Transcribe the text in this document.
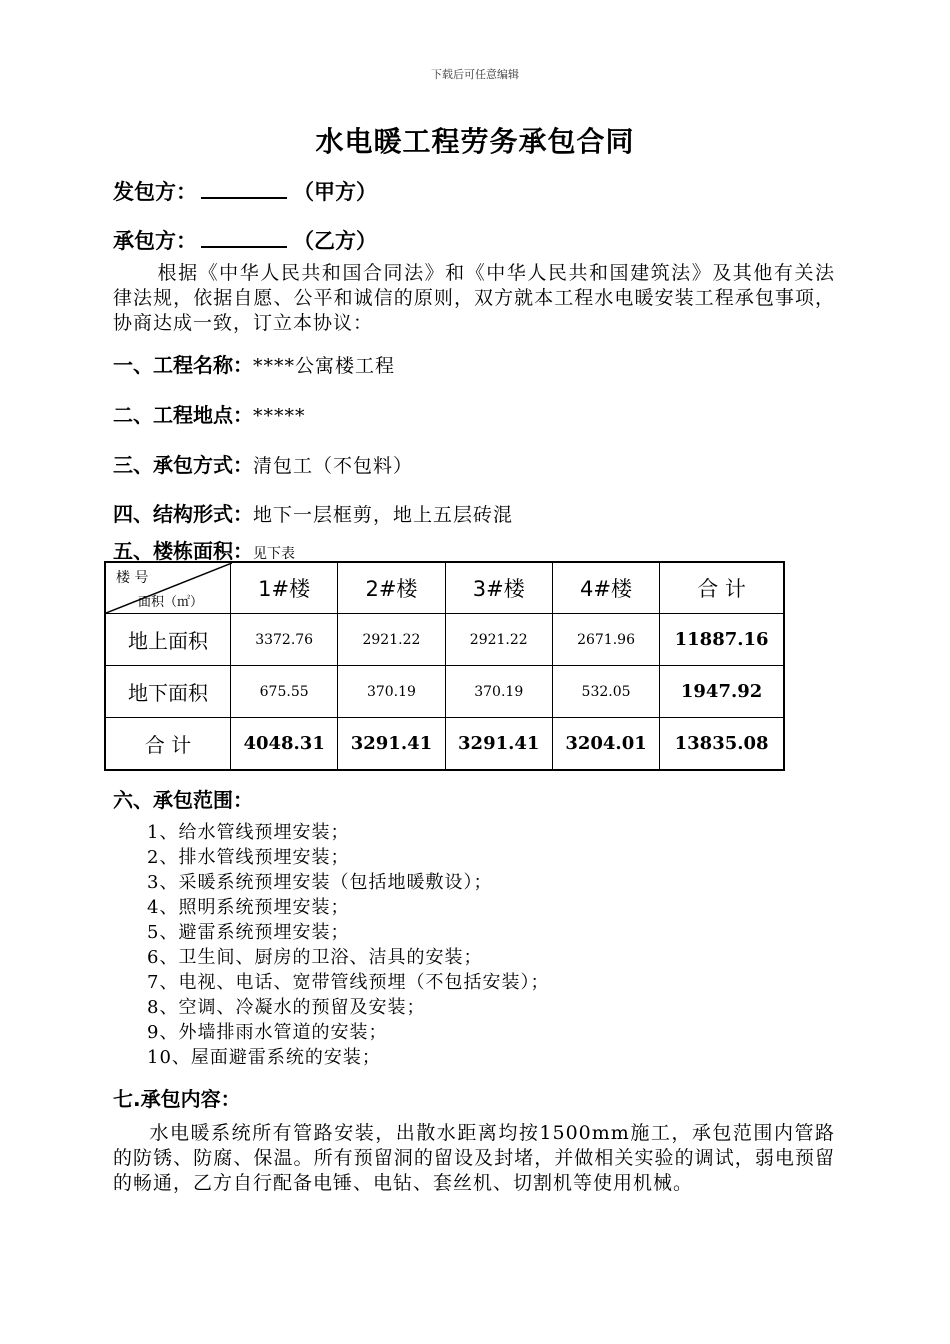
下载后可任意编辑
水电暖工程劳务承包合同
发包方：	（甲方）
承包方：	（乙方）
根据《中华人民共和国合同法》和《中华人民共和国建筑法》及其他有关法律法规，依据自愿、公平和诚信的原则，双方就本工程水电暖安装工程承包事项，协商达成一致，订立本协议：
一、工程名称：****公寓楼工程
二、工程地点：*****
三、承包方式：清包工（不包料）
四、结构形式：地下一层框剪，地上五层砖混
五、楼栋面积：见下表
楼 号
面积（㎡）	1#楼	2#楼	3#楼	4#楼	合 计
地上面积	3372.76	2921.22	2921.22	2671.96	11887.16
地下面积	675.55	370.19	370.19	532.05	1947.92
合 计	4048.31	3291.41	3291.41	3204.01	13835.08
六、承包范围：
1、给水管线预埋安装；
2、排水管线预埋安装；
3、采暖系统预埋安装（包括地暖敷设）；
4、照明系统预埋安装；
5、避雷系统预埋安装；
6、卫生间、厨房的卫浴、洁具的安装；
7、电视、电话、宽带管线预埋（不包括安装）；
8、空调、冷凝水的预留及安装；
9、外墙排雨水管道的安装；
10、屋面避雷系统的安装；
七.承包内容：
水电暖系统所有管路安装，出散水距离均按1500mm施工，承包范围内管路的防锈、防腐、保温。所有预留洞的留设及封堵，并做相关实验的调试，弱电预留的畅通，乙方自行配备电锤、电钻、套丝机、切割机等使用机械。
